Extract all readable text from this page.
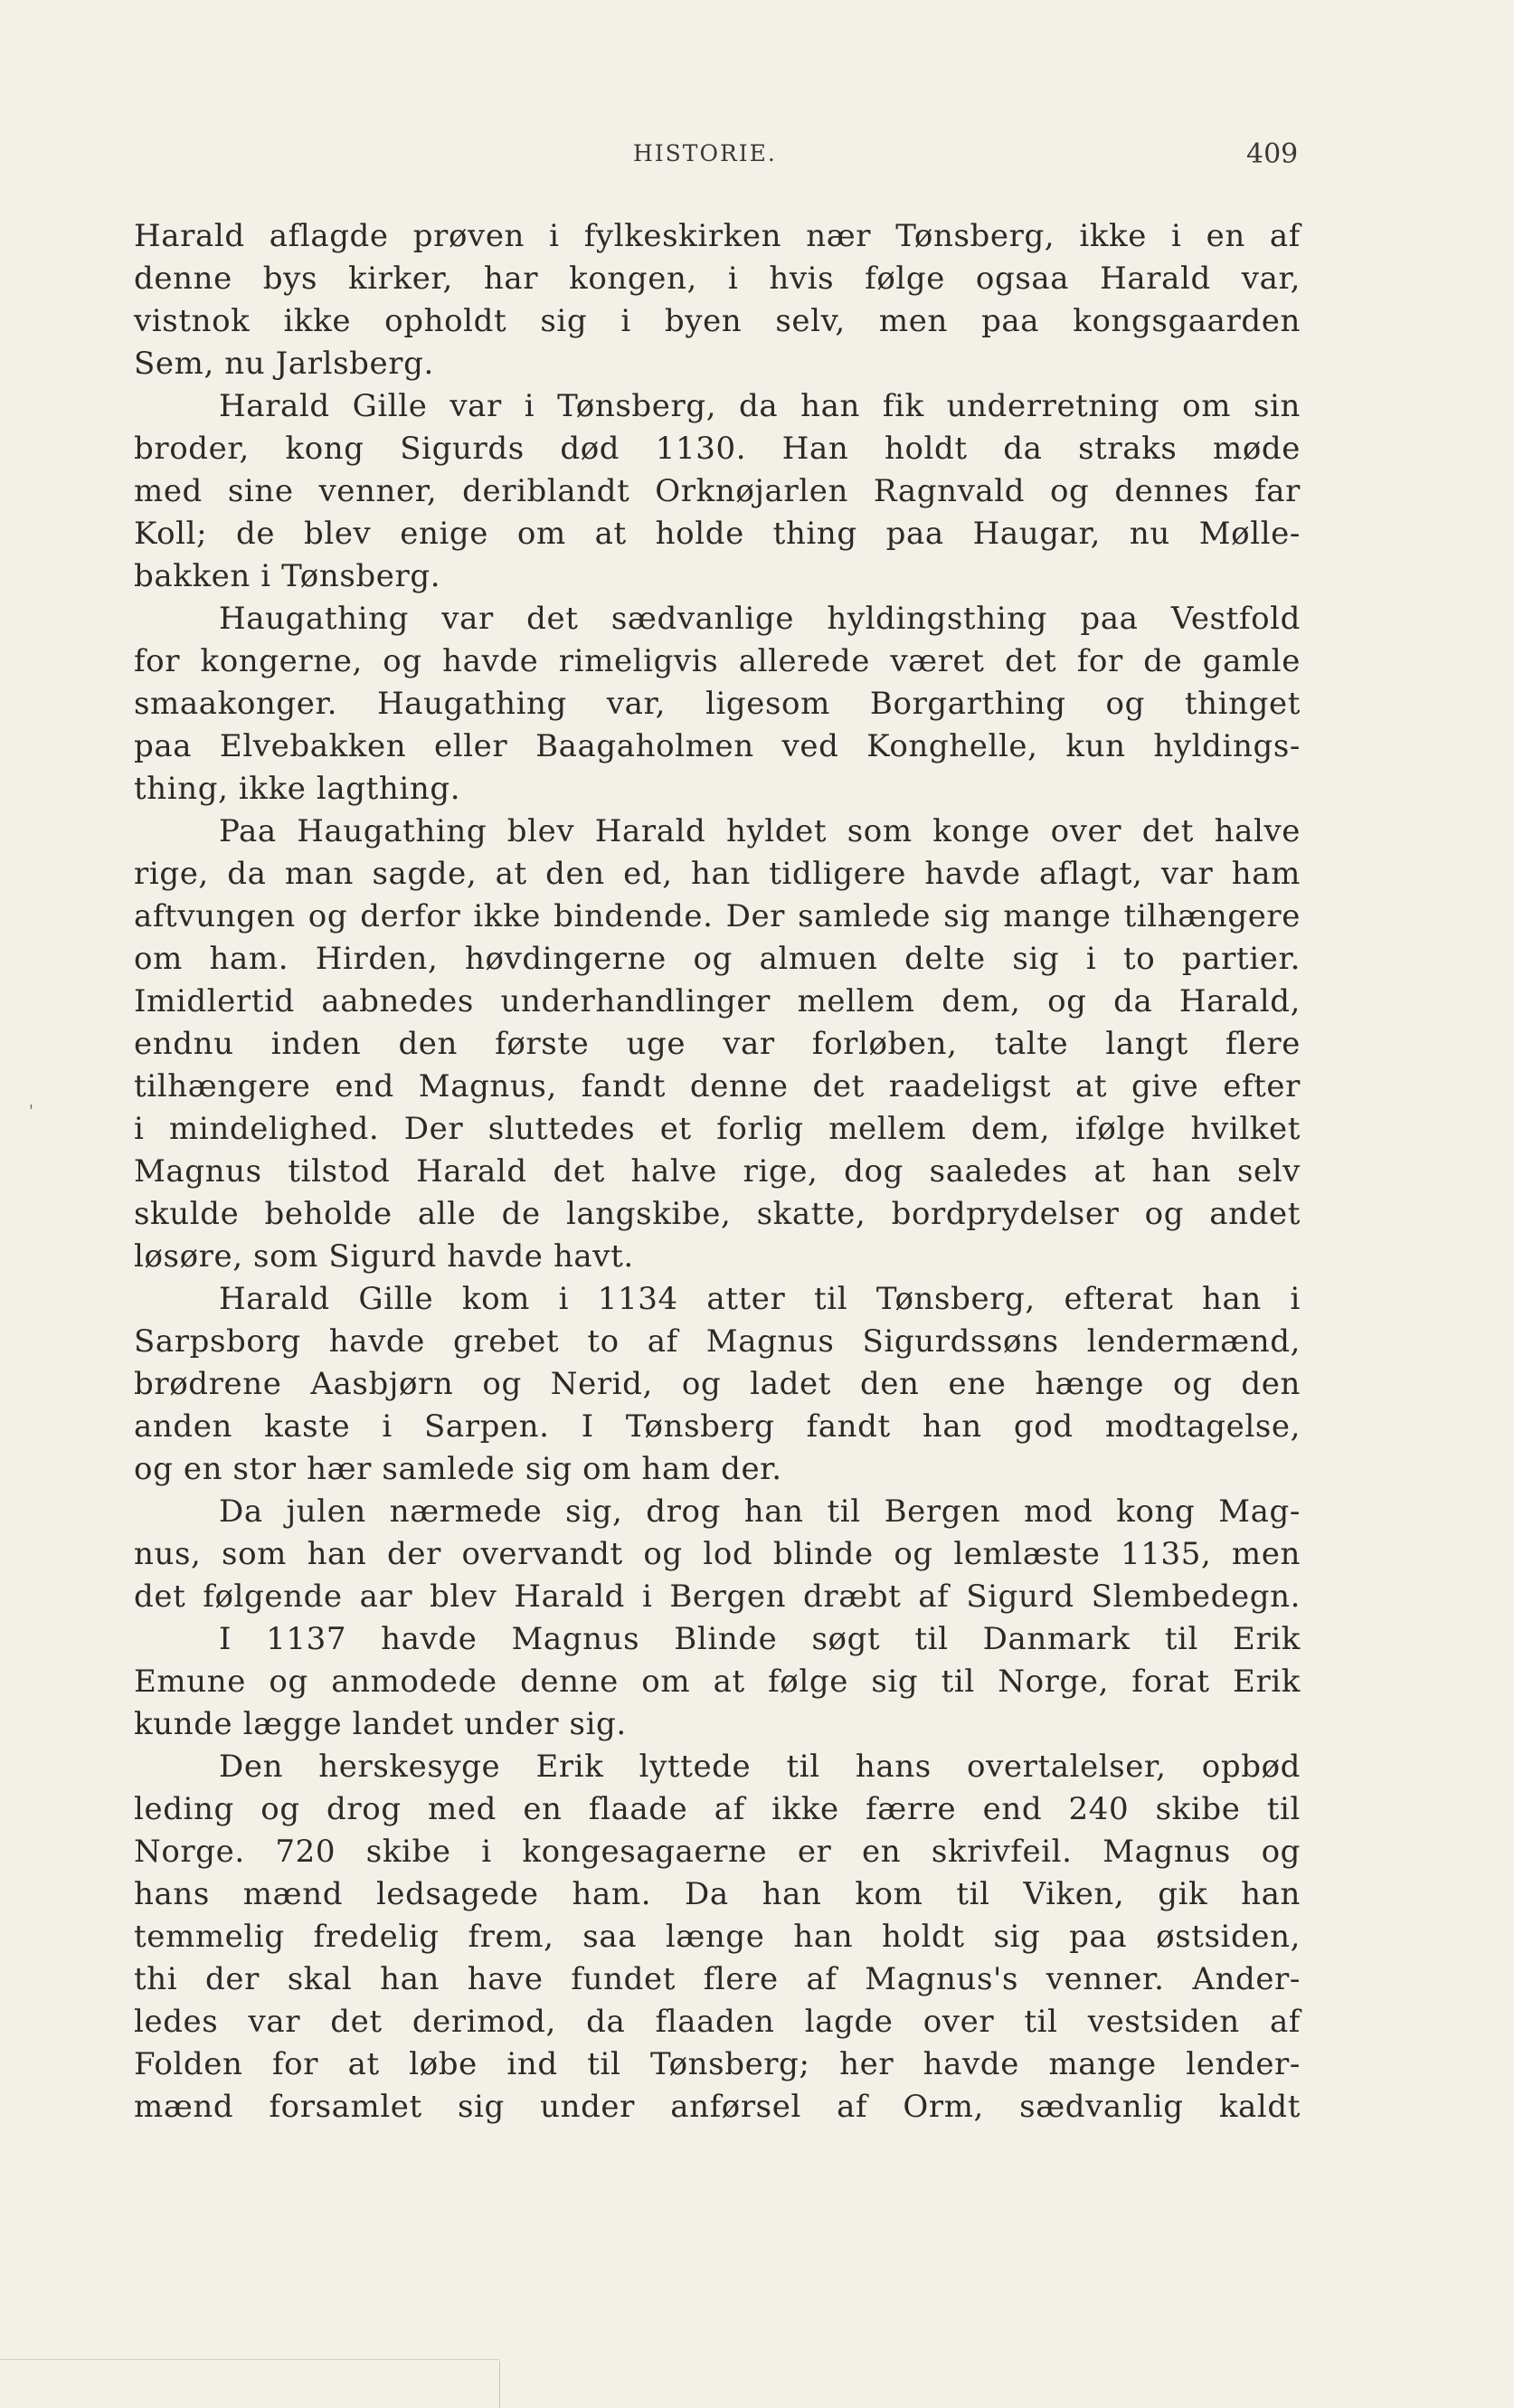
HISTORIE.	409
'
Harald aflagde prøven i fylkeskirken nær Tønsberg, ikke i en af
denne bys kirker, har kongen, i hvis følge ogsaa Harald var,
vistnok ikke opholdt sig i byen selv, men paa kongsgaarden
Sem, nu Jarlsberg.
Harald Gille var i Tønsberg, da han fik underretning om sin
broder, kong Sigurds død 1130. Han holdt da straks møde
med sine venner, deriblandt Orknøjarlen Ragnvald og dennes far
Koll; de blev enige om at holde thing paa Haugar, nu Mølle-
bakken i Tønsberg.
Haugathing var det sædvanlige hyldingsthing paa Vestfold
for kongerne, og havde rimeligvis allerede været det for de gamle
smaakonger. Haugathing var, ligesom Borgarthing og thinget
paa Elvebakken eller Baagaholmen ved Konghelle, kun hyldings-
thing, ikke lagthing.
Paa Haugathing blev Harald hyldet som konge over det halve
rige, da man sagde, at den ed, han tidligere havde aflagt, var ham
aftvungen og derfor ikke bindende. Der samlede sig mange tilhængere
om ham. Hirden, høvdingerne og almuen delte sig i to partier.
Imidlertid aabnedes underhandlinger mellem dem, og da Harald,
endnu inden den første uge var forløben, talte langt flere
tilhængere end Magnus, fandt denne det raadeligst at give efter
i mindelighed. Der sluttedes et forlig mellem dem, ifølge hvilket
Magnus tilstod Harald det halve rige, dog saaledes at han selv
skulde beholde alle de langskibe, skatte, bordprydelser og andet
løsøre, som Sigurd havde havt.
Harald Gille kom i 1134 atter til Tønsberg, efterat han i
Sarpsborg havde grebet to af Magnus Sigurdssøns lendermænd,
brødrene Aasbjørn og Nerid, og ladet den ene hænge og den
anden kaste i Sarpen. I Tønsberg fandt han god modtagelse,
og en stor hær samlede sig om ham der.
Da julen nærmede sig, drog han til Bergen mod kong Mag-
nus, som han der overvandt og lod blinde og lemlæste 1135, men
det følgende aar blev Harald i Bergen dræbt af Sigurd Slembedegn.
I 1137 havde Magnus Blinde søgt til Danmark til Erik
Emune og anmodede denne om at følge sig til Norge, forat Erik
kunde lægge landet under sig.
Den herskesyge Erik lyttede til hans overtalelser, opbød
leding og drog med en flaade af ikke færre end 240 skibe til
Norge. 720 skibe i kongesagaerne er en skrivfeil. Magnus og
hans mænd ledsagede ham. Da han kom til Viken, gik han
temmelig fredelig frem, saa længe han holdt sig paa østsiden,
thi der skal han have fundet flere af Magnus's venner. Ander-
ledes var det derimod, da flaaden lagde over til vestsiden af
Folden for at løbe ind til Tønsberg; her havde mange lender-
mænd forsamlet sig under anførsel af Orm, sædvanlig kaldt
